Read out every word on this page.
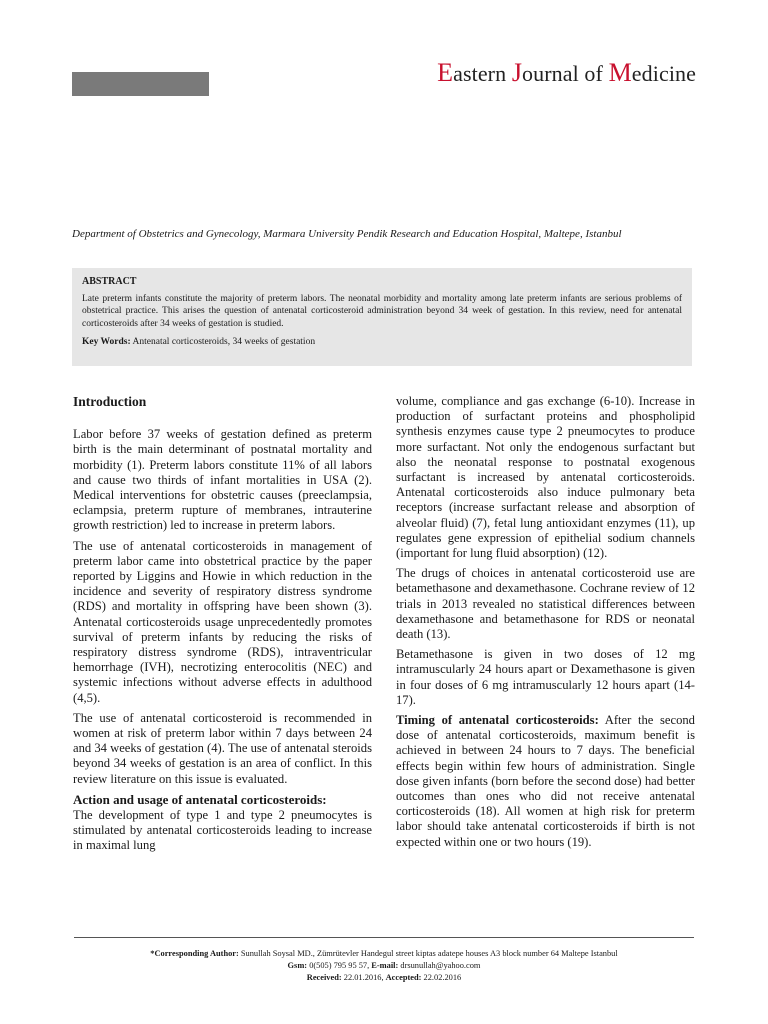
Eastern Journal of Medicine
Department of Obstetrics and Gynecology, Marmara University Pendik Research and Education Hospital, Maltepe, Istanbul
ABSTRACT

Late preterm infants constitute the majority of preterm labors. The neonatal morbidity and mortality among late preterm infants are serious problems of obstetrical practice. This arises the question of antenatal corticosteroid administration beyond 34 week of gestation. In this review, need for antenatal corticosteroids after 34 weeks of gestation is studied.

Key Words: Antenatal corticosteroids, 34 weeks of gestation

Introduction

Labor before 37 weeks of gestation defined as preterm birth is the main determinant of postnatal mortality and morbidity (1). Preterm labors constitute 11% of all labors and cause two thirds of infant mortalities in USA (2). Medical interventions for obstetric causes (preeclampsia, eclampsia, preterm rupture of membranes, intrauterine growth restriction) led to increase in preterm labors.

The use of antenatal corticosteroids in management of preterm labor came into obstetrical practice by the paper reported by Liggins and Howie in which reduction in the incidence and severity of respiratory distress syndrome (RDS) and mortality in offspring have been shown (3). Antenatal corticosteroids usage unprecedentedly promotes survival of preterm infants by reducing the risks of respiratory distress syndrome (RDS), intraventricular hemorrhage (IVH), necrotizing enterocolitis (NEC) and systemic infections without adverse effects in adulthood (4,5).

The use of antenatal corticosteroid is recommended in women at risk of preterm labor within 7 days between 24 and 34 weeks of gestation (4). The use of antenatal steroids beyond 34 weeks of gestation is an area of conflict. In this review literature on this issue is evaluated.

Action and usage of antenatal corticosteroids:
The development of type 1 and type 2 pneumocytes is stimulated by antenatal corticosteroids leading to increase in maximal lung

volume, compliance and gas exchange (6-10). Increase in production of surfactant proteins and phospholipid synthesis enzymes cause type 2 pneumocytes to produce more surfactant. Not only the endogenous surfactant but also the neonatal response to postnatal exogenous surfactant is increased by antenatal corticosteroids. Antenatal corticosteroids also induce pulmonary beta receptors (increase surfactant release and absorption of alveolar fluid) (7), fetal lung antioxidant enzymes (11), up regulates gene expression of epithelial sodium channels (important for lung fluid absorption) (12).

The drugs of choices in antenatal corticosteroid use are betamethasone and dexamethasone. Cochrane review of 12 trials in 2013 revealed no statistical differences between dexamethasone and betamethasone for RDS or neonatal death (13).

Betamethasone is given in two doses of 12 mg intramuscularly 24 hours apart or Dexamethasone is given in four doses of 6 mg intramuscularly 12 hours apart (14-17).

Timing of antenatal corticosteroids: After the second dose of antenatal corticosteroids, maximum benefit is achieved in between 24 hours to 7 days. The beneficial effects begin within few hours of administration. Single dose given infants (born before the second dose) had better outcomes than ones who did not receive antenatal corticosteroids (18). All women at high risk for preterm labor should take antenatal corticosteroids if birth is not expected within one or two hours (19).

*Corresponding Author: Sunullah Soysal MD., Zümrütevler Handegul street kiptas adatepe houses A3 block number 64 Maltepe Istanbul
Gsm: 0(505) 795 95 57, E-mail: drsunullah@yahoo.com
Received: 22.01.2016, Accepted: 22.02.2016
